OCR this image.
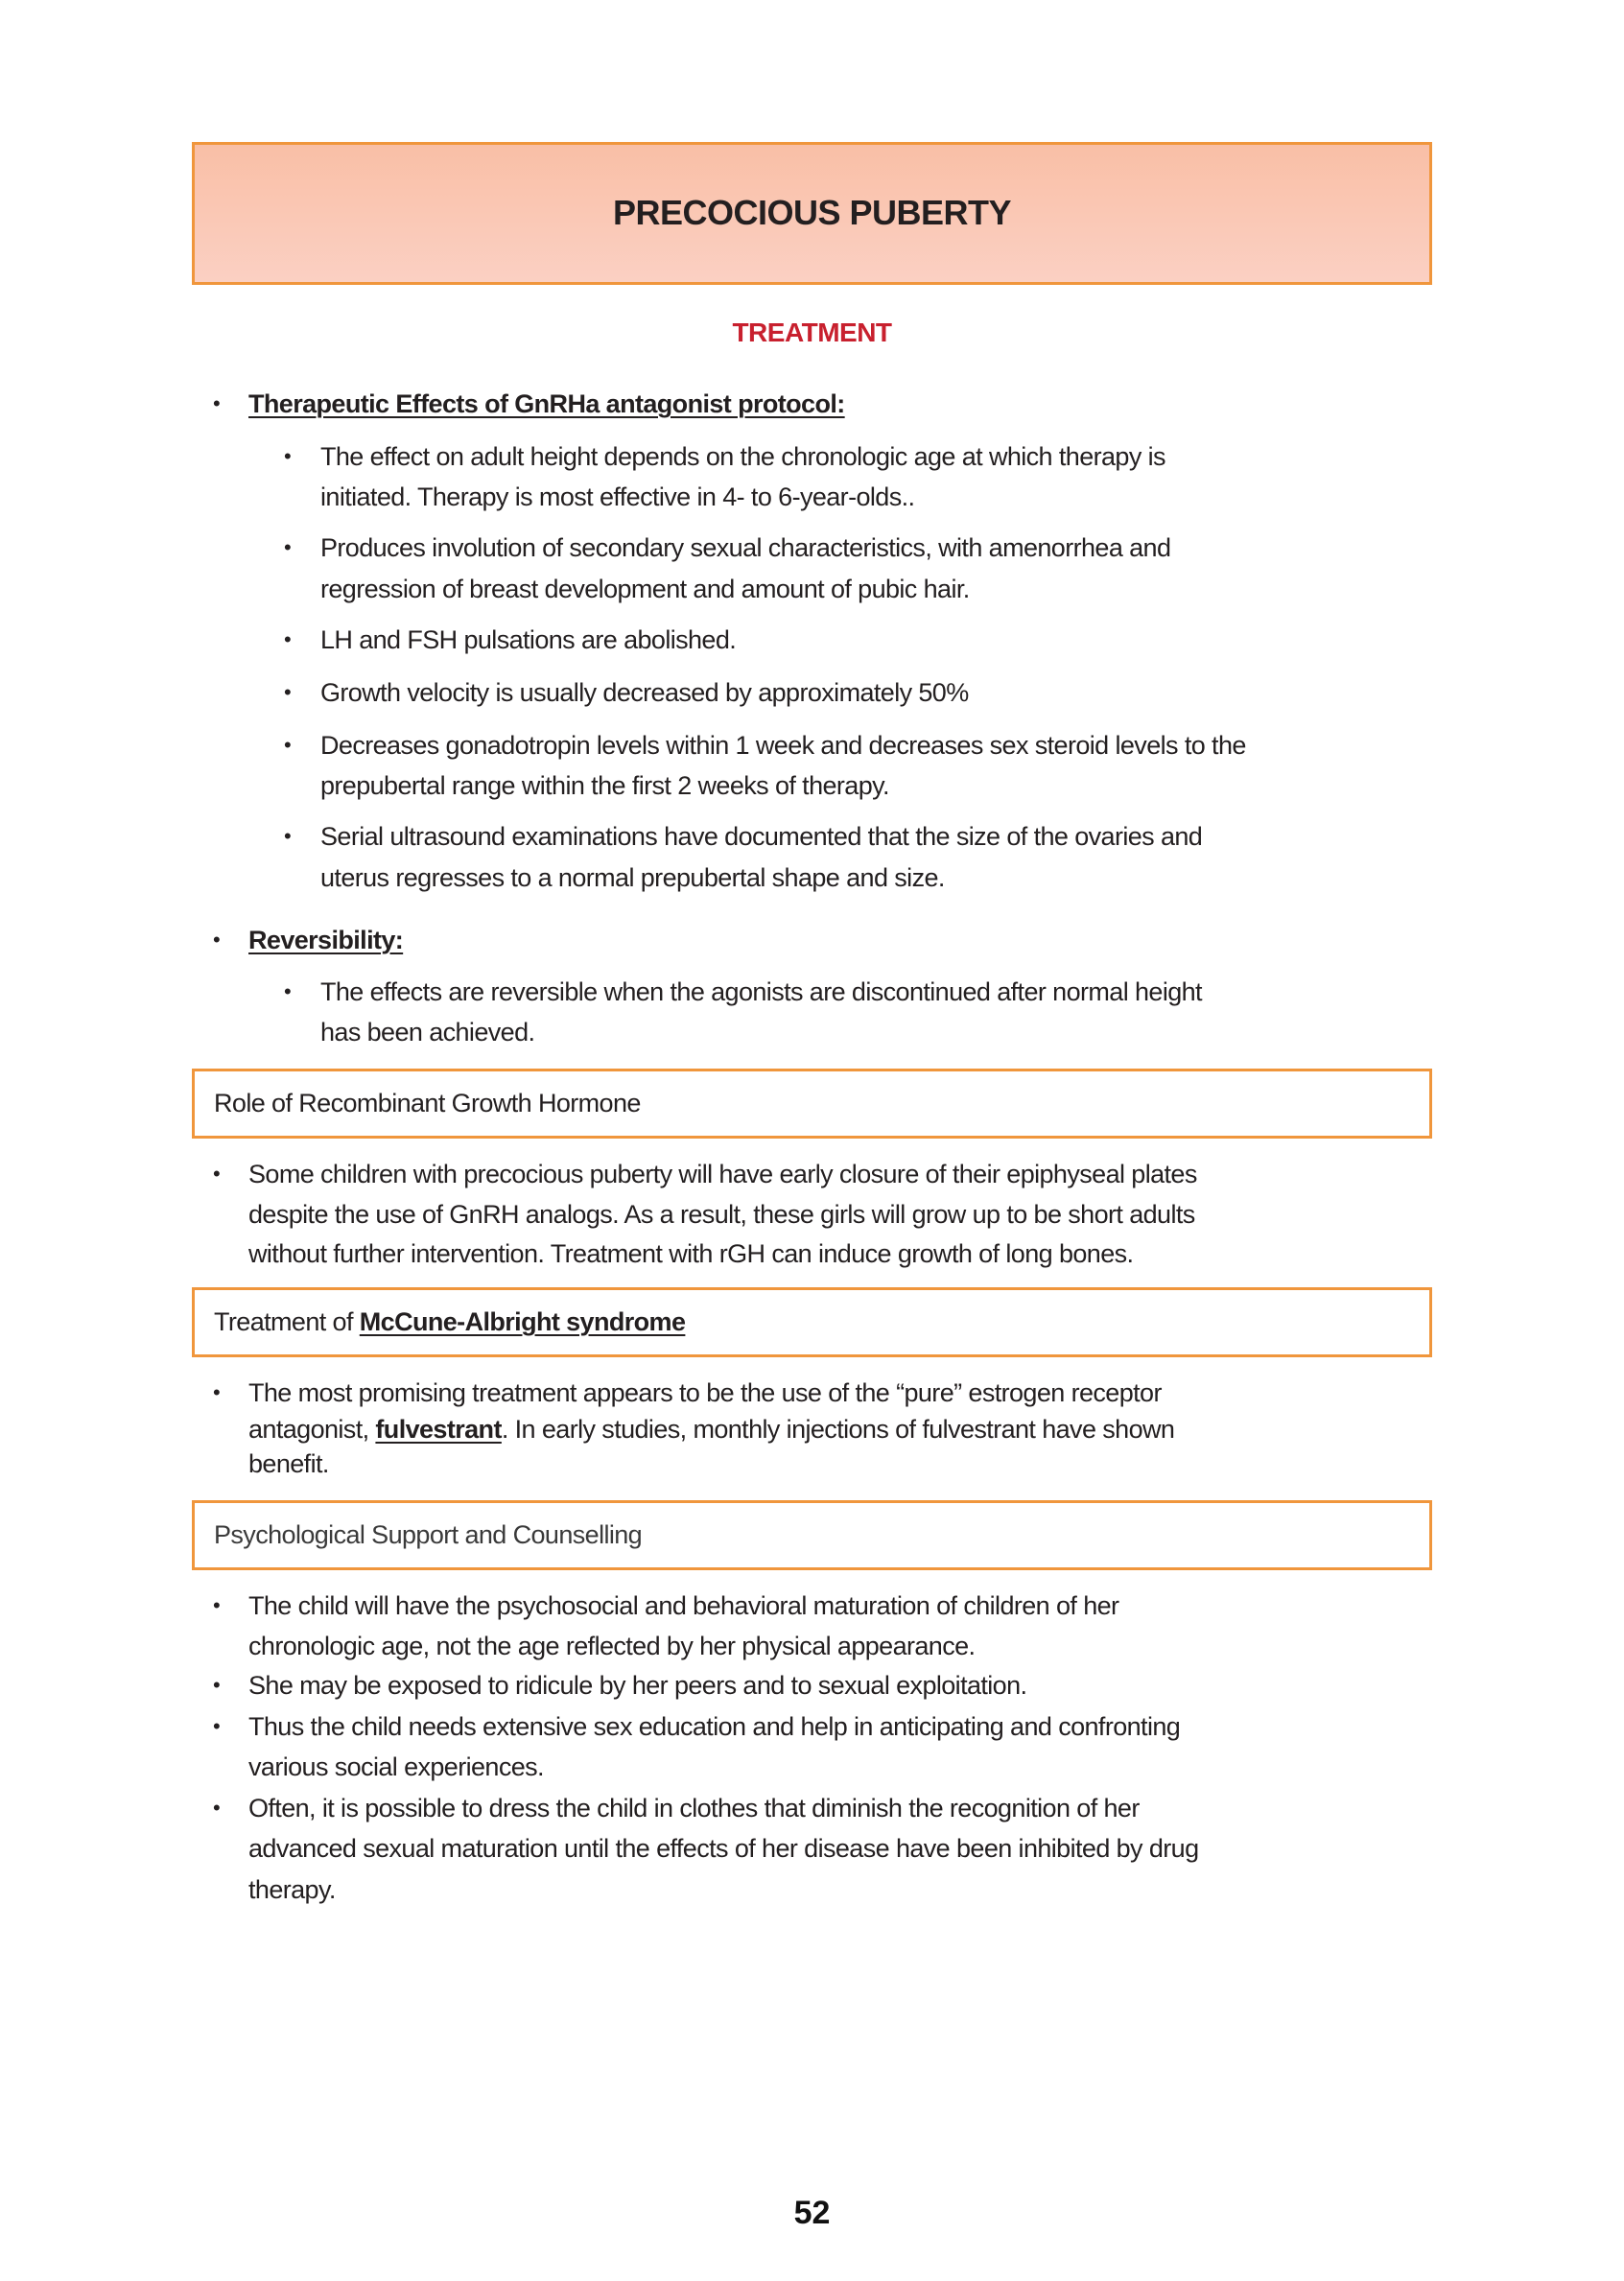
PRECOCIOUS PUBERTY
TREATMENT
• Therapeutic Effects of GnRHa antagonist protocol:
• The effect on adult height depends on the chronologic age at which therapy is
initiated. Therapy is most effective in 4- to 6-year-olds..
• Produces involution of secondary sexual characteristics, with amenorrhea and
regression of breast development and amount of pubic hair.
• LH and FSH pulsations are abolished.
• Growth velocity is usually decreased by approximately 50%
• Decreases gonadotropin levels within 1 week and decreases sex steroid levels to the
prepubertal range within the first 2 weeks of therapy.
• Serial ultrasound examinations have documented that the size of the ovaries and
uterus regresses to a normal prepubertal shape and size.
• Reversibility:
• The effects are reversible when the agonists are discontinued after normal height
has been achieved.
Role of Recombinant Growth Hormone
• Some children with precocious puberty will have early closure of their epiphyseal plates
despite the use of GnRH analogs. As a result, these girls will grow up to be short adults
without further intervention. Treatment with rGH can induce growth of long bones.
Treatment of McCune-Albright syndrome
• The most promising treatment appears to be the use of the “pure” estrogen receptor
antagonist, fulvestrant. In early studies, monthly injections of fulvestrant have shown
benefit.
Psychological Support and Counselling
• The child will have the psychosocial and behavioral maturation of children of her
chronologic age, not the age reflected by her physical appearance.
• She may be exposed to ridicule by her peers and to sexual exploitation.
• Thus the child needs extensive sex education and help in anticipating and confronting
various social experiences.
• Often, it is possible to dress the child in clothes that diminish the recognition of her
advanced sexual maturation until the effects of her disease have been inhibited by drug
therapy.
52
